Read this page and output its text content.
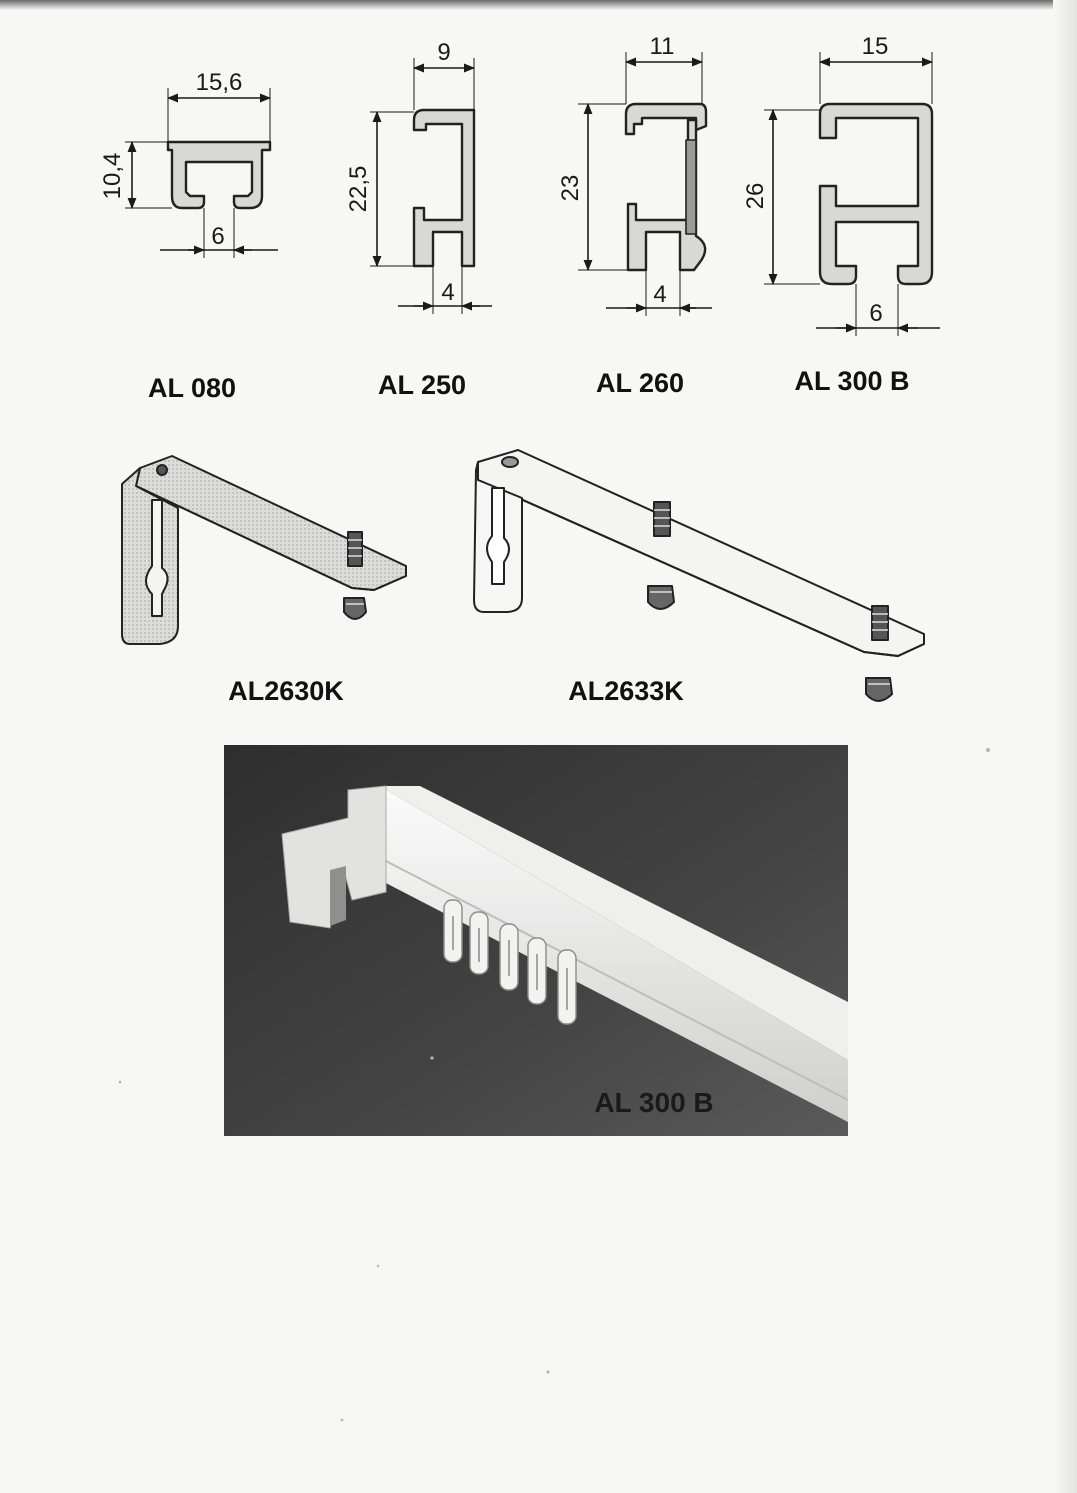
15,6
10,4
6
AL 080
9
22,5
4
AL 250
11
23
4
AL 260
15
26
6
AL 300 B
AL2630K	AL2633K
AL 300 B
